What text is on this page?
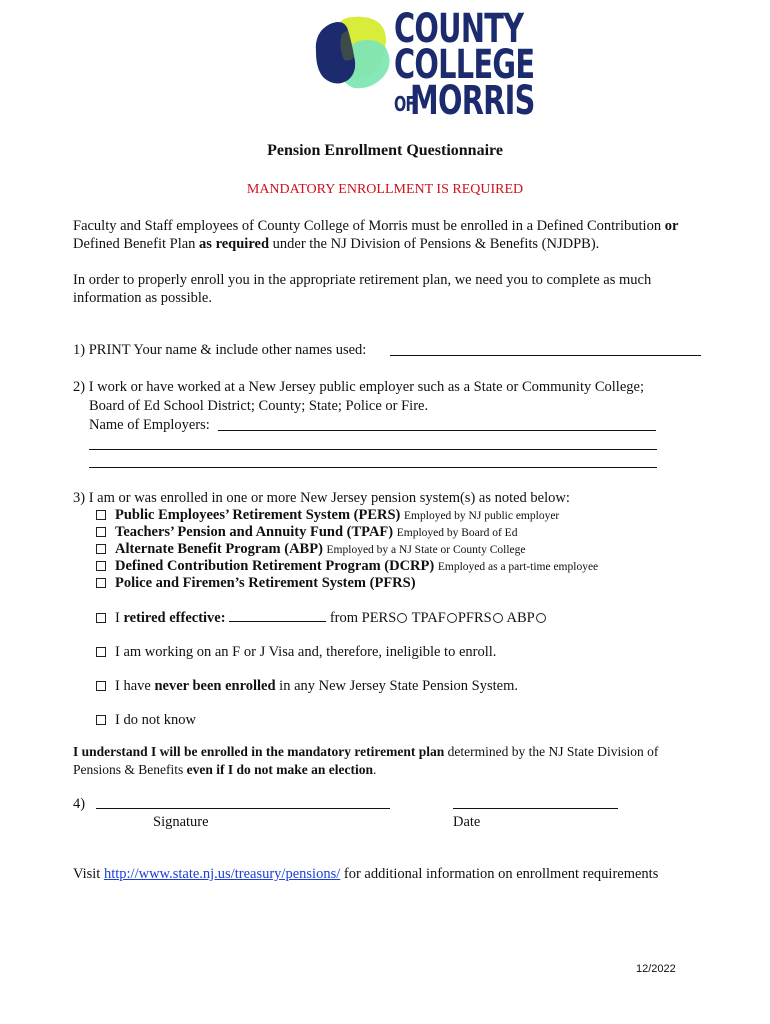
COUNTY
COLLEGE
OF
MORRIS
Pension Enrollment Questionnaire
MANDATORY ENROLLMENT IS REQUIRED
Faculty and Staff employees of County College of Morris must be enrolled in a Defined Contribution or
Defined Benefit Plan as required under the NJ Division of Pensions & Benefits (NJDPB).
In order to properly enroll you in the appropriate retirement plan, we need you to complete as much
information as possible.
1) PRINT Your name & include other names used:
2) I work or have worked at a New Jersey public employer such as a State or Community College;
Board of Ed School District; County; State; Police or Fire.
Name of Employers:
3) I am or was enrolled in one or more New Jersey pension system(s) as noted below:
Public Employees’ Retirement System (PERS) Employed by NJ public employer
Teachers’ Pension and Annuity Fund (TPAF) Employed by Board of Ed
Alternate Benefit Program (ABP) Employed by a NJ State or County College
Defined Contribution Retirement Program (DCRP) Employed as a part-time employee
Police and Firemen’s Retirement System (PFRS)
I retired effective:	from PERS TPAF PFRS ABP
I am working on an F or J Visa and, therefore, ineligible to enroll.
I have never been enrolled in any New Jersey State Pension System.
I do not know
I understand I will be enrolled in the mandatory retirement plan determined by the NJ State Division of
Pensions & Benefits even if I do not make an election.
4)
Signature	Date
Visit http://www.state.nj.us/treasury/pensions/ for additional information on enrollment requirements
12/2022
